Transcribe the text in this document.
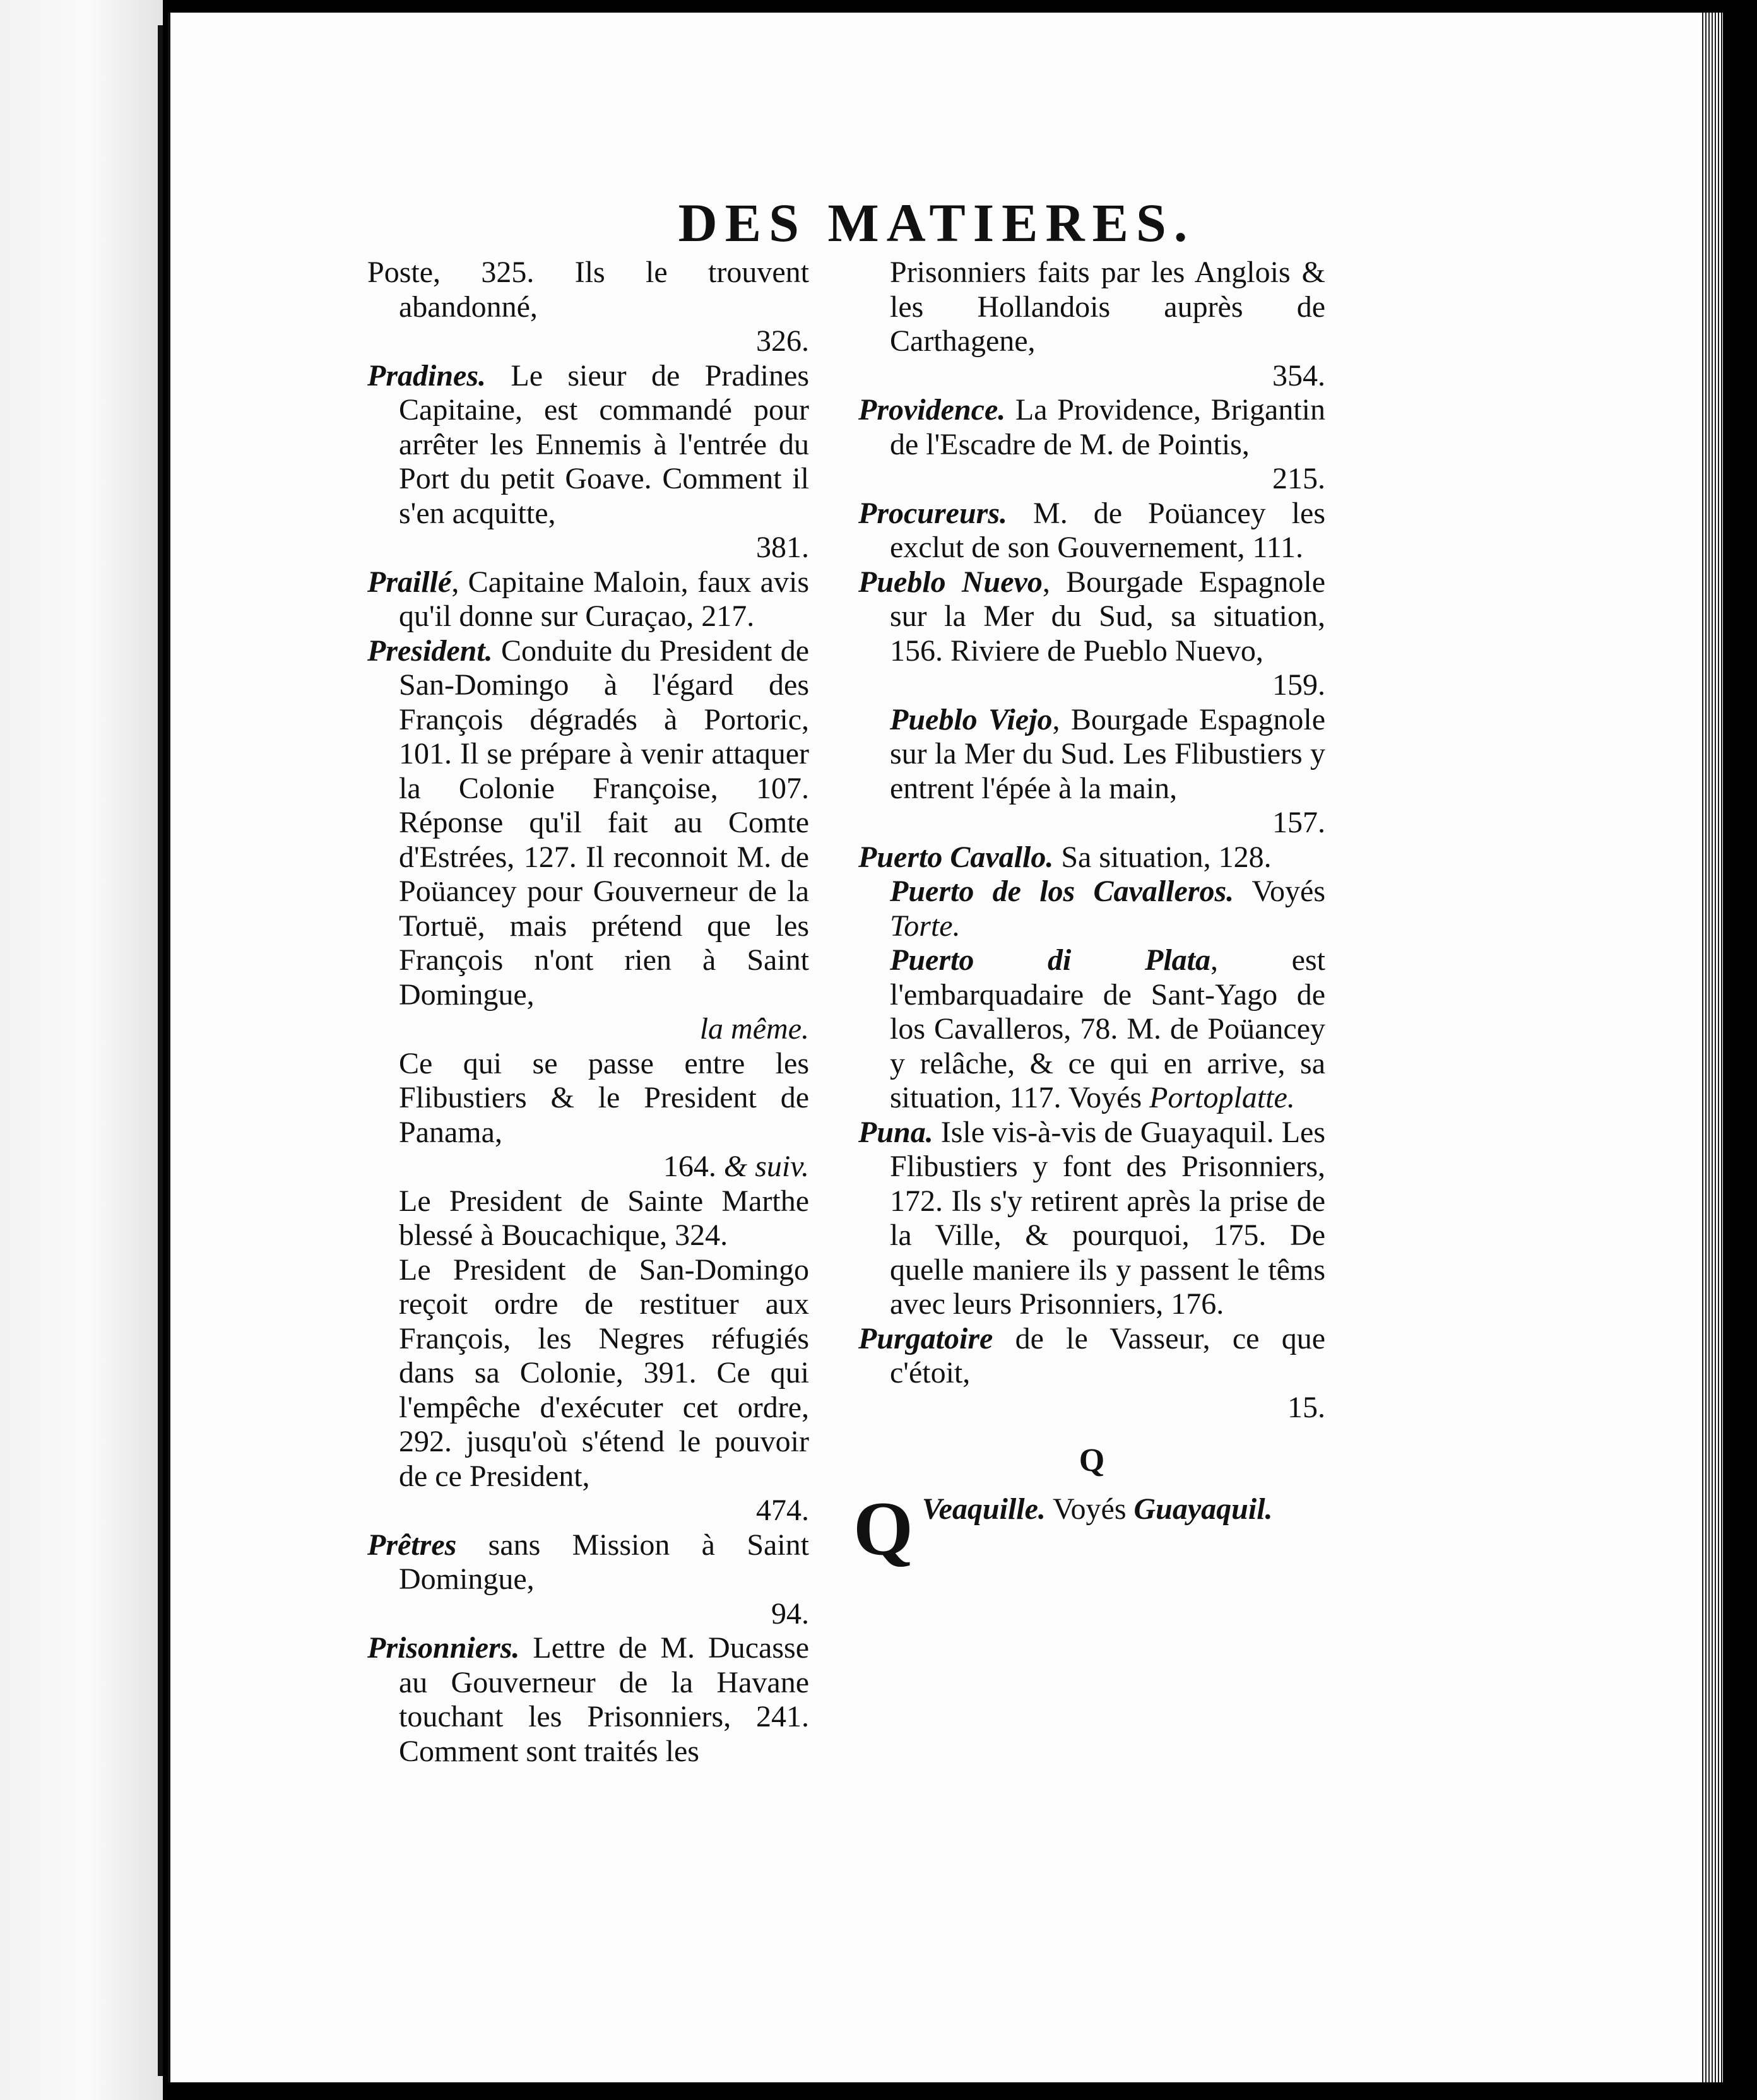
DES MATIERES.

Poste, 325. Ils le trouvent abandonné,
326.

Pradines. Le sieur de Pradines Capitaine, est commandé pour arrêter les Ennemis à l'entrée du Port du petit Goave. Comment il s'en acquitte,
381.

Praillé, Capitaine Maloin, faux avis qu'il donne sur Curaçao, 217.

President. Conduite du President de San-Domingo à l'égard des François dégradés à Portoric, 101. Il se prépare à venir attaquer la Colonie Françoise, 107. Réponse qu'il fait au Comte d'Estrées, 127. Il reconnoit M. de Poüancey pour Gouverneur de la Tortuë, mais prétend que les François n'ont rien à Saint Domingue,
la même.

Ce qui se passe entre les Flibustiers & le President de Panama,
164. & suiv.

Le President de Sainte Marthe blessé à Boucachique, 324.

Le President de San-Domingo reçoit ordre de restituer aux François, les Negres réfugiés dans sa Colonie, 391. Ce qui l'empêche d'exécuter cet ordre, 292. jusqu'où s'étend le pouvoir de ce President,
474.

Prêtres sans Mission à Saint Domingue,
94.

Prisonniers. Lettre de M. Ducasse au Gouverneur de la Havane touchant les Prisonniers, 241. Comment sont traités les

Prisonniers faits par les Anglois & les Hollandois auprès de Carthagene,
354.

Providence. La Providence, Brigantin de l'Escadre de M. de Pointis,
215.

Procureurs. M. de Poüancey les exclut de son Gouvernement, 111.

Pueblo Nuevo, Bourgade Espagnole sur la Mer du Sud, sa situation, 156. Riviere de Pueblo Nuevo,
159.

Pueblo Viejo, Bourgade Espagnole sur la Mer du Sud. Les Flibustiers y entrent l'épée à la main,
157.

Puerto Cavallo. Sa situation, 128.

Puerto de los Cavalleros. Voyés Torte.

Puerto di Plata, est l'embarquadaire de Sant-Yago de los Cavalleros, 78. M. de Poüancey y relâche, & ce qui en arrive, sa situation, 117. Voyés Portoplatte.

Puna. Isle vis-à-vis de Guayaquil. Les Flibustiers y font des Prisonniers, 172. Ils s'y retirent après la prise de la Ville, & pourquoi, 175. De quelle maniere ils y passent le têms avec leurs Prisonniers, 176.

Purgatoire de le Vasseur, ce que c'étoit,
15.

Q

Q Veaquille. Voyés Guayaquil.
